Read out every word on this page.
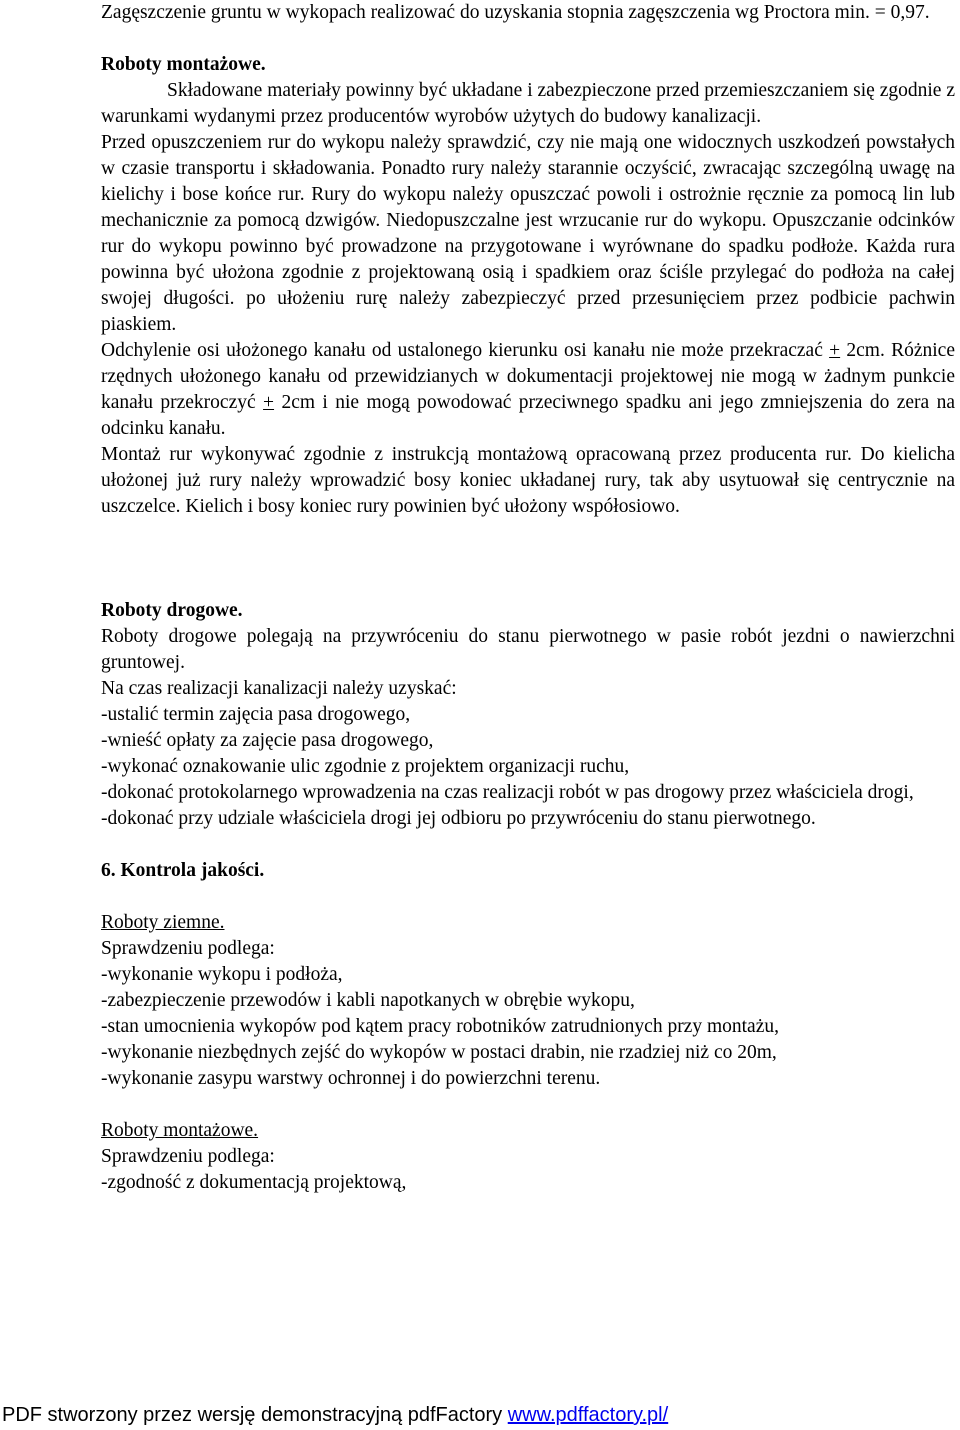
Zagęszczenie gruntu w wykopach realizować do uzyskania stopnia zagęszczenia wg Proctora min. = 0,97.

Roboty montażowe.

Składowane materiały powinny być układane i zabezpieczone przed przemieszczaniem się zgodnie z warunkami wydanymi przez producentów wyrobów użytych do budowy kanalizacji.

Przed opuszczeniem rur do wykopu należy sprawdzić, czy nie mają one widocznych uszkodzeń powstałych w czasie transportu i składowania. Ponadto rury należy starannie oczyścić, zwracając szczególną uwagę na kielichy i bose końce rur. Rury do wykopu należy opuszczać powoli i ostrożnie ręcznie za pomocą lin lub mechanicznie za pomocą dzwigów. Niedopuszczalne jest wrzucanie rur do wykopu. Opuszczanie odcinków rur do wykopu powinno być prowadzone na przygotowane i wyrównane do spadku podłoże. Każda rura powinna być ułożona zgodnie z projektowaną osią i spadkiem oraz ściśle przylegać do podłoża na całej swojej długości. po ułożeniu rurę należy zabezpieczyć przed przesunięciem przez podbicie pachwin piaskiem.

Odchylenie osi ułożonego kanału od ustalonego kierunku osi kanału nie może przekraczać + 2cm. Różnice rzędnych ułożonego kanału od przewidzianych w dokumentacji projektowej nie mogą w żadnym punkcie kanału przekroczyć + 2cm i nie mogą powodować przeciwnego spadku ani jego zmniejszenia do zera na odcinku kanału.

Montaż rur wykonywać zgodnie z instrukcją montażową opracowaną przez producenta rur. Do kielicha ułożonej już rury należy wprowadzić bosy koniec układanej rury, tak aby usytuował się centrycznie na uszczelce. Kielich i bosy koniec rury powinien być ułożony współosiowo.

Roboty drogowe.

Roboty drogowe polegają na przywróceniu do stanu pierwotnego w pasie robót jezdni o nawierzchni gruntowej.

Na czas realizacji kanalizacji należy uzyskać:

-ustalić termin zajęcia pasa drogowego,

-wnieść opłaty za zajęcie pasa drogowego,

-wykonać oznakowanie ulic zgodnie z projektem organizacji ruchu,

-dokonać protokolarnego wprowadzenia na czas realizacji robót w pas drogowy przez właściciela drogi,

-dokonać przy udziale właściciela drogi jej odbioru po przywróceniu do stanu pierwotnego.

6. Kontrola jakości.

Roboty ziemne.

Sprawdzeniu podlega:

-wykonanie wykopu i podłoża,

-zabezpieczenie przewodów i kabli napotkanych w obrębie wykopu,

-stan umocnienia wykopów pod kątem pracy robotników zatrudnionych przy montażu,

-wykonanie niezbędnych zejść do wykopów w postaci drabin, nie rzadziej niż co 20m,

-wykonanie zasypu warstwy ochronnej i do powierzchni terenu.

Roboty montażowe.

Sprawdzeniu podlega:

-zgodność z dokumentacją projektową,

PDF stworzony przez wersję demonstracyjną pdfFactory www.pdffactory.pl/
